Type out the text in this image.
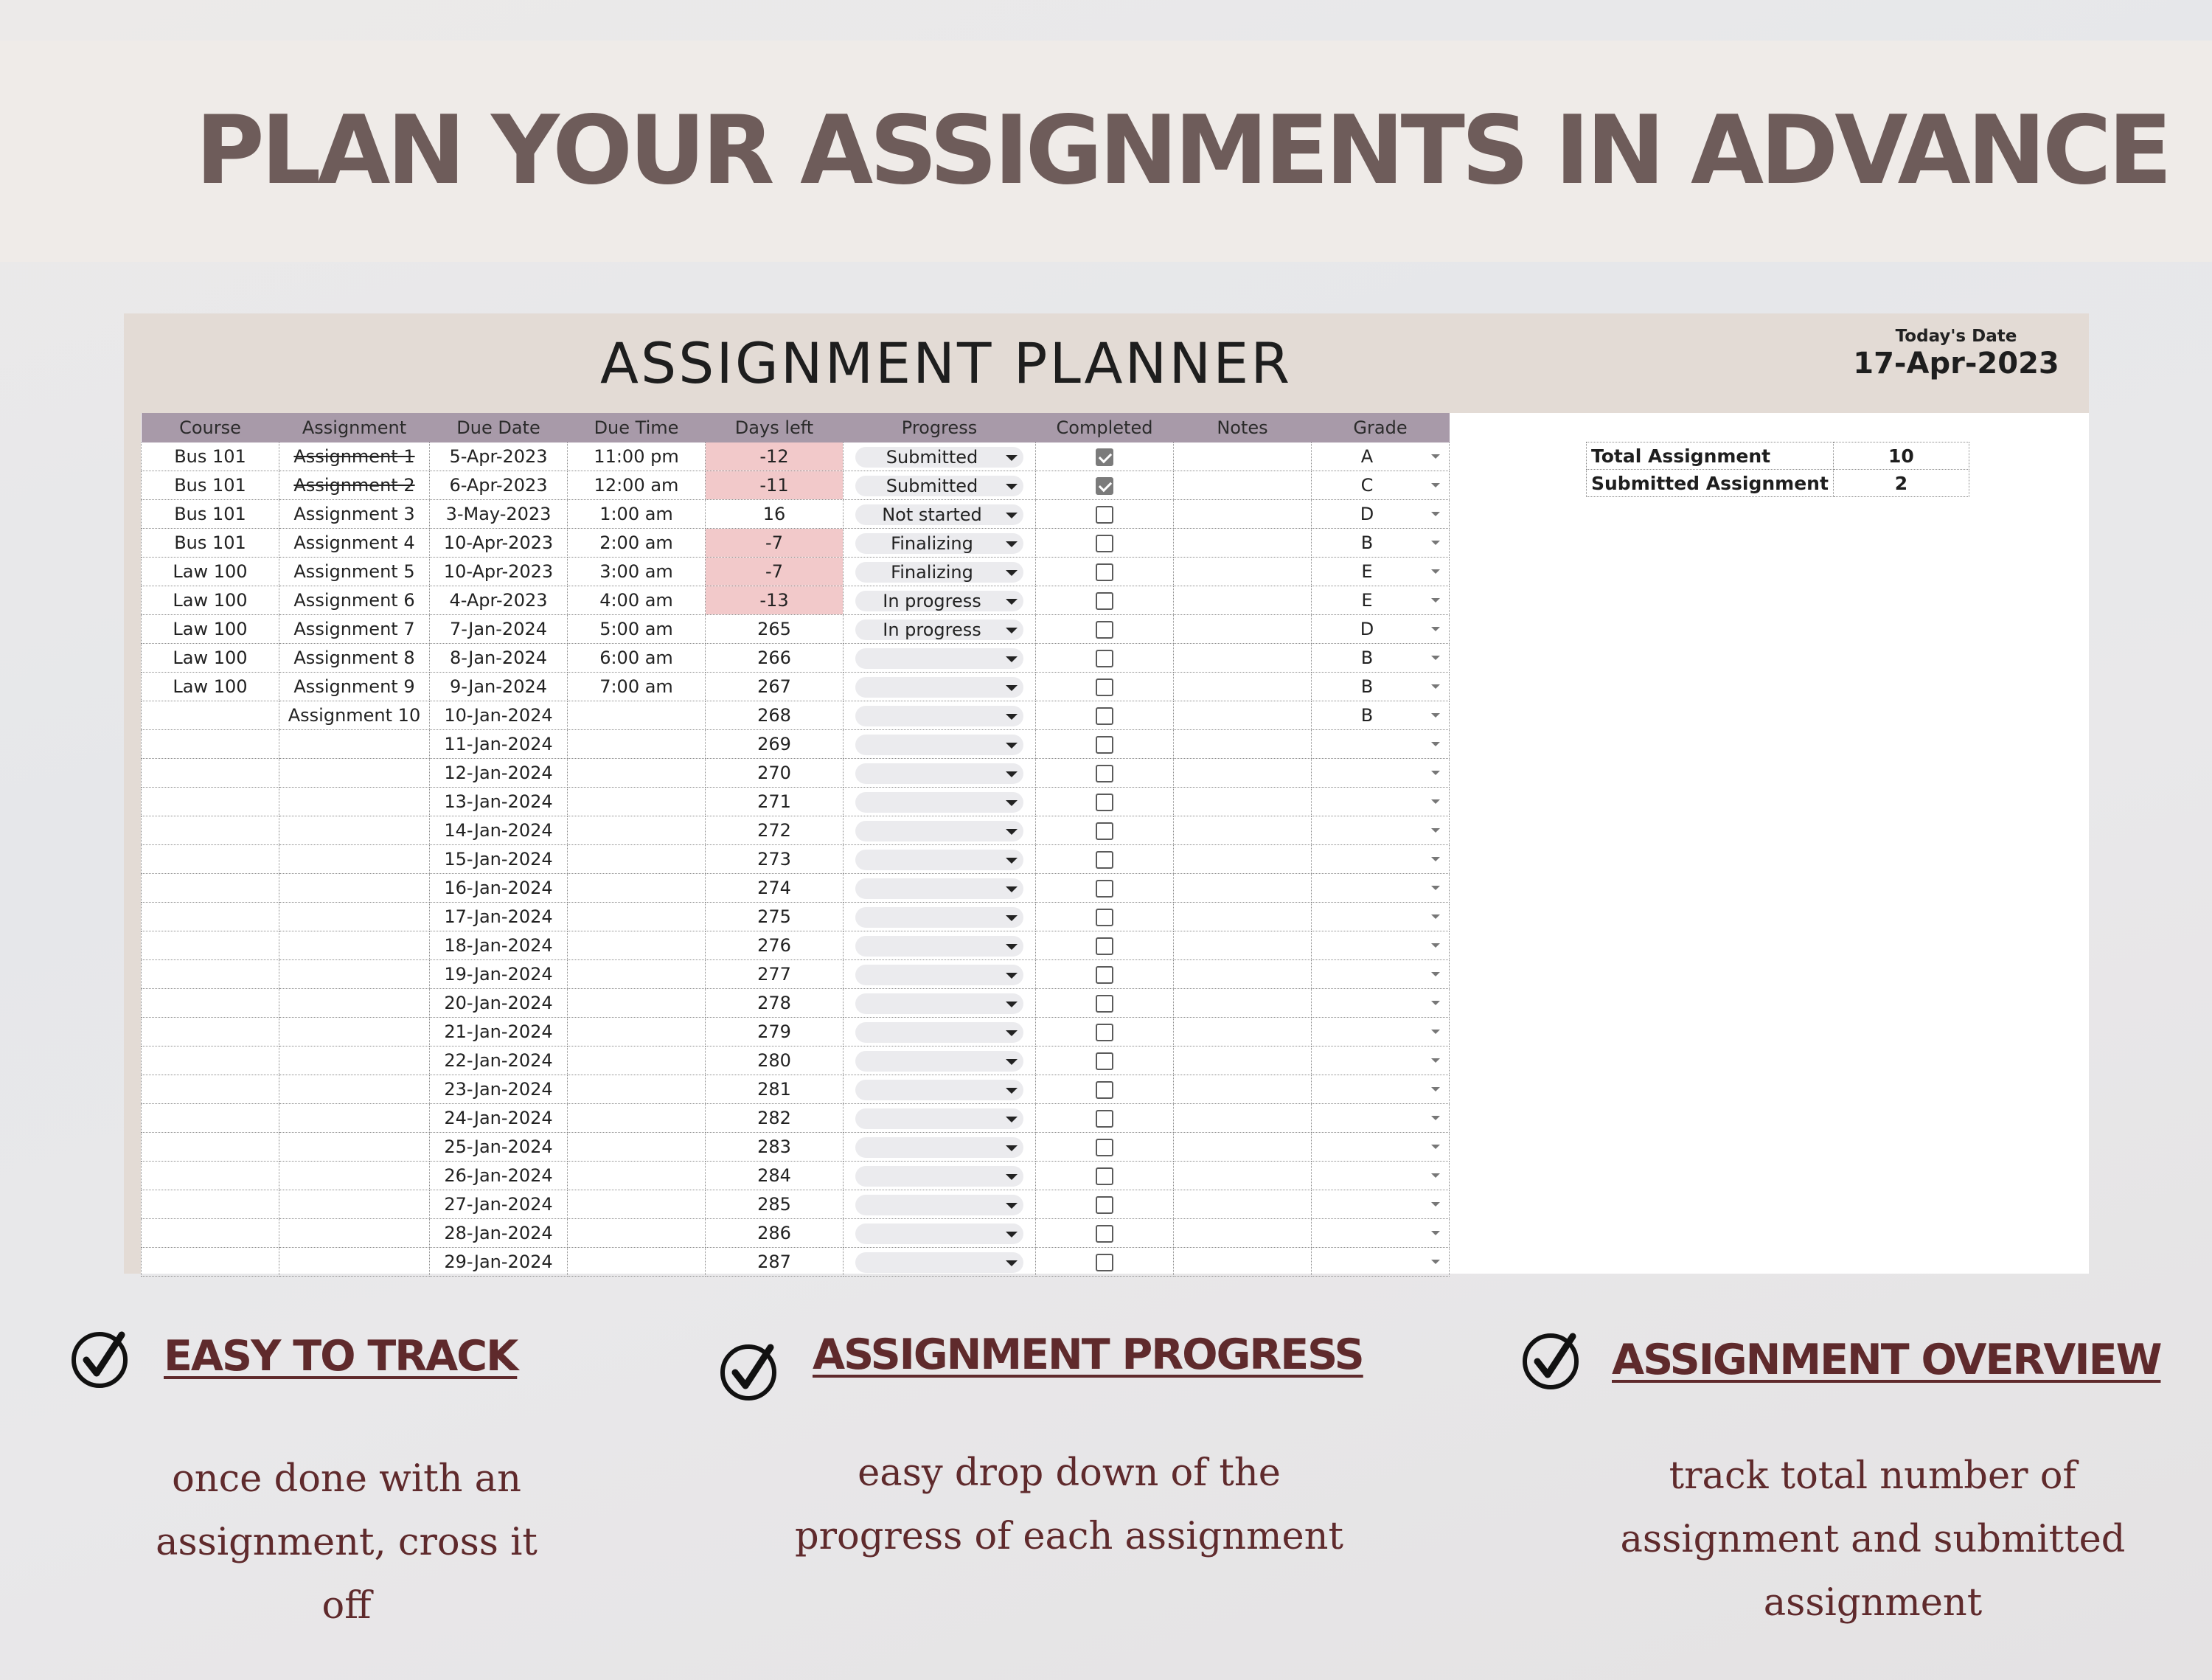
PLAN YOUR ASSIGNMENTS IN ADVANCE
ASSIGNMENT PLANNER	Today's Date
17-Apr-2023
Course	Assignment	Due Date	Due Time	Days left	Progress	Completed	Notes	Grade
Bus 101	Assignment 1	5-Apr-2023	11:00 pm	-12	Submitted			A

Bus 101	Assignment 2	6-Apr-2023	12:00 am	-11	Submitted			C

Bus 101	Assignment 3	3-May-2023	1:00 am	16	Not started			D

Bus 101	Assignment 4	10-Apr-2023	2:00 am	-7	Finalizing			B

Law 100	Assignment 5	10-Apr-2023	3:00 am	-7	Finalizing			E

Law 100	Assignment 6	4-Apr-2023	4:00 am	-13	In progress			E

Law 100	Assignment 7	7-Jan-2024	5:00 am	265	In progress			D

Law 100	Assignment 8	8-Jan-2024	6:00 am	266				B

Law 100	Assignment 9	9-Jan-2024	7:00 am	267				B

	Assignment 10	10-Jan-2024		268				B

		11-Jan-2024		269	

		12-Jan-2024		270	

		13-Jan-2024		271	

		14-Jan-2024		272	

		15-Jan-2024		273	

		16-Jan-2024		274	

		17-Jan-2024		275	

		18-Jan-2024		276	

		19-Jan-2024		277	

		20-Jan-2024		278	

		21-Jan-2024		279	

		22-Jan-2024		280	

		23-Jan-2024		281	

		24-Jan-2024		282	

		25-Jan-2024		283	

		26-Jan-2024		284	

		27-Jan-2024		285	

		28-Jan-2024		286	

		29-Jan-2024		287	

Total Assignment	10
Submitted Assignment	2
EASY TO TRACK
once done with an
assignment, cross it
off
ASSIGNMENT PROGRESS
easy drop down of the
progress of each assignment
ASSIGNMENT OVERVIEW
track total number of
assignment and submitted
assignment
